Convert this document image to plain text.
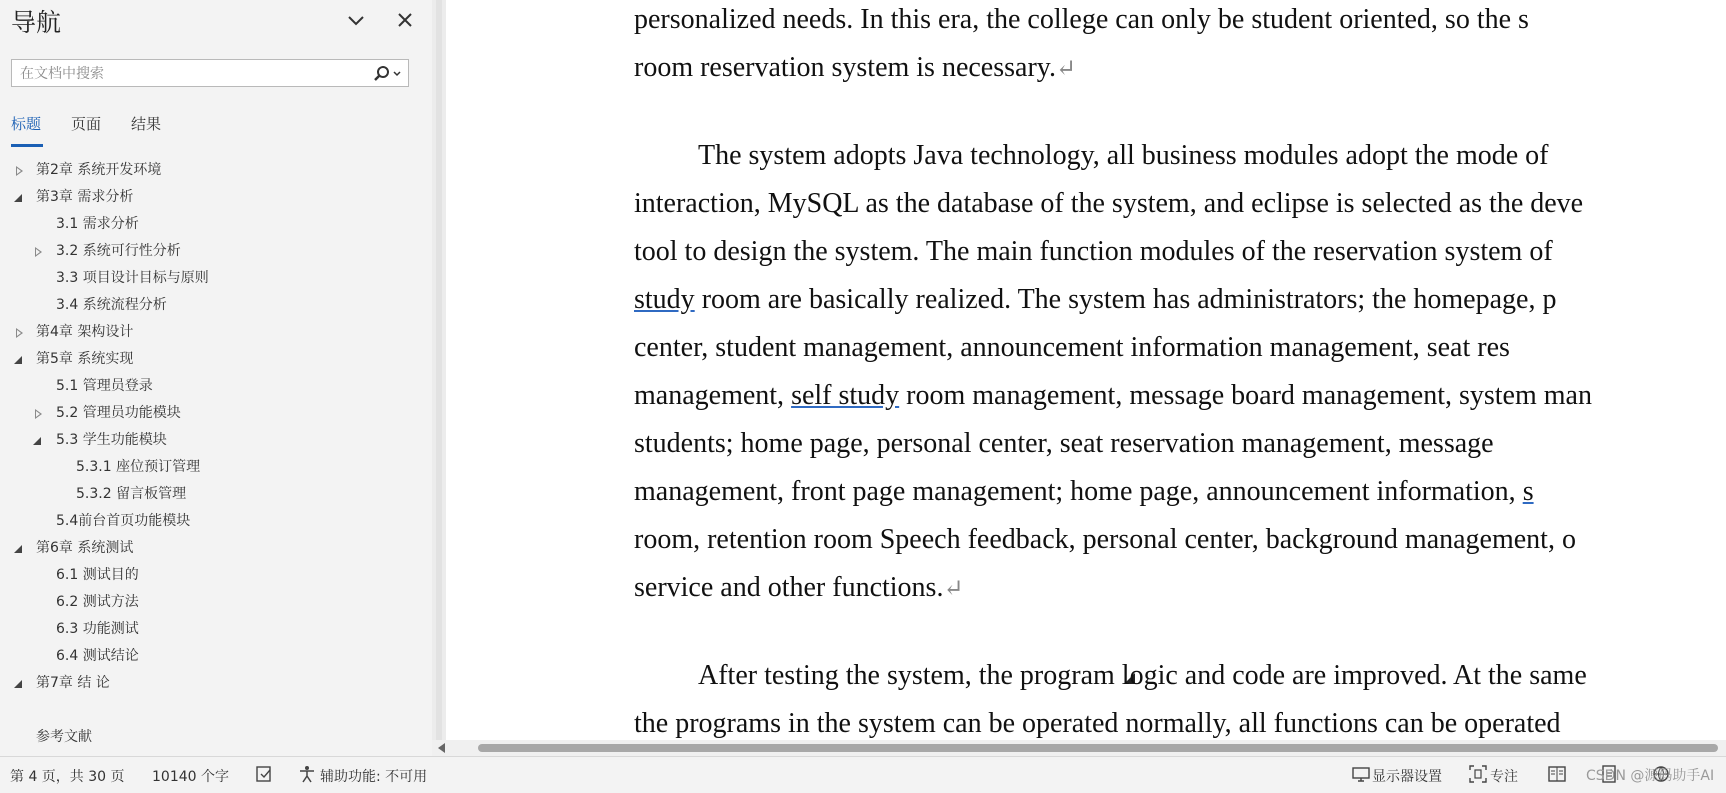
导航
在文档中搜索
标题 页面 结果
第2章 系统开发环境
第3章 需求分析
3.1 需求分析
3.2 系统可行性分析
3.3 项目设计目标与原则
3.4 系统流程分析
第4章 架构设计
第5章 系统实现
5.1 管理员登录
5.2 管理员功能模块
5.3 学生功能模块
5.3.1 座位预订管理
5.3.2 留言板管理
5.4前台首页功能模块
第6章 系统测试
6.1 测试目的
6.2 测试方法
6.3 功能测试
6.4 测试结论
第7章 结 论
参考文献
personalized needs. In this era, the college can only be student oriented, so the s
room reservation system is necessary.↵
The system adopts Java technology, all business modules adopt the mode of
interaction, MySQL as the database of the system, and eclipse is selected as the deve
tool to design the system. The main function modules of the reservation system of
study room are basically realized. The system has administrators; the homepage, p
center, student management, announcement information management, seat res
management, self study room management, message board management, system man
students; home page, personal center, seat reservation management, message
management, front page management; home page, announcement information, s
room, retention room Speech feedback, personal center, background management, o
service and other functions.↵
After testing the system, the program logic and code are improved. At the same
the programs in the system can be operated normally, all functions can be operated
第 4 页，共 30 页 10140 个字	辅助功能: 不可用	显示器设置	专注	CSDN @源码助手AI
